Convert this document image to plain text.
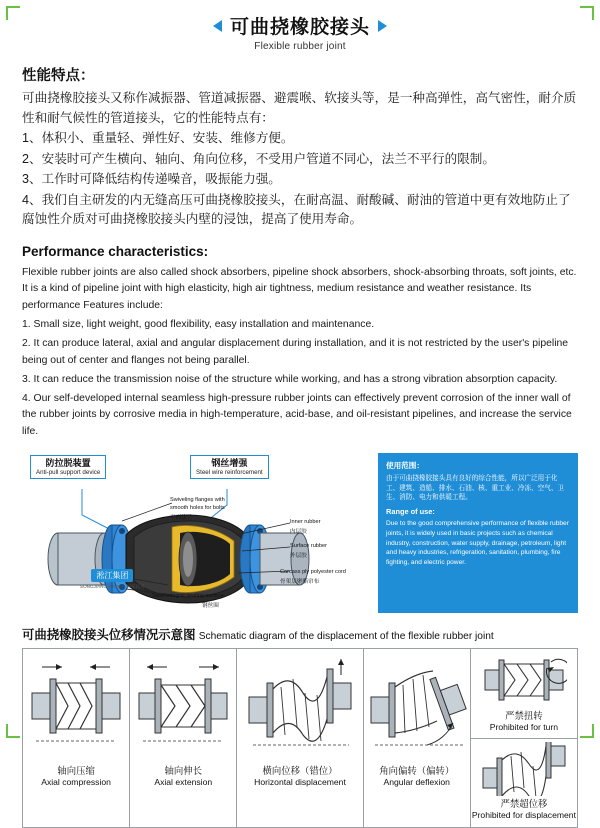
可曲挠橡胶接头
Flexible rubber joint
性能特点：

可曲挠橡胶接头又称作减振器、管道减振器、避震喉、软接头等，是一种高弹性，高气密性，耐介质性和耐气候性的管道接头，它的性能特点有：

1、体积小、重量轻、弹性好、安装、维修方便。

2、安装时可产生横向、轴向、角向位移，不受用户管道不同心，法兰不平行的限制。

3、工作时可降低结构传递噪音，吸振能力强。

4、我们自主研发的内无缝高压可曲挠橡胶接头，在耐高温、耐酸碱、耐油的管道中更有效地防止了腐蚀性介质对可曲挠橡胶接头内壁的浸蚀，提高了使用寿命。

Performance characteristics:

Flexible rubber joints are also called shock absorbers, pipeline shock absorbers, shock-absorbing throats, soft joints, etc. It is a kind of pipeline joint with high elasticity, high air tightness, medium resistance and weather resistance. Its performance Features include:

1. Small size, light weight, good flexibility, easy installation and maintenance.

2. It can produce lateral, axial and angular displacement during installation, and it is not restricted by the user's pipeline being out of center and flanges not being parallel.

3. It can reduce the transmission noise of the structure while working, and has a strong vibration absorption capacity.

4. Our self-developed internal seamless high-pressure rubber joints can effectively prevent corrosion of the inner wall of the rubber joints by corrosive media in high-temperature, acid-base, and oil-resistant pipelines, and increase the service life.

防拉脱装置
Anti-pull support device
钢丝增强
Steel wire reinforcement
Swiveling flanges with
smooth holes for bolts
平面法兰
Steel integral sealing surface
钢丝圈
Inner rubber
内层胶
Surface rubber
外层胶
Carcass ply polyester cord
骨架层聚酯帘布
淞江集团
SONGJIANG GROUP 国家认可
使用范围：

由于可曲挠橡胶接头具有良好的综合性能，所以广泛用于化工、建筑、造船、排水、石油、核、重工业、冷冻、空气、卫生、消防、电力和供暖工程。

Range of use:

Due to the good comprehensive performance of flexible rubber joints, it is widely used in basic projects such as chemical industry, construction, water supply, drainage, petroleum, light and heavy industries, refrigeration, sanitation, plumbing, fire fighting, and electric power.

可曲挠橡胶接头位移情况示意图 Schematic diagram of the displacement of the flexible rubber joint
轴向压缩
Axial compression
轴向伸长
Axial extension
横向位移（错位）
Horizontal displacement
角向偏转（偏转）
Angular deflexion
严禁扭转
Prohibited for turn
严禁超位移
Prohibited for displacement
